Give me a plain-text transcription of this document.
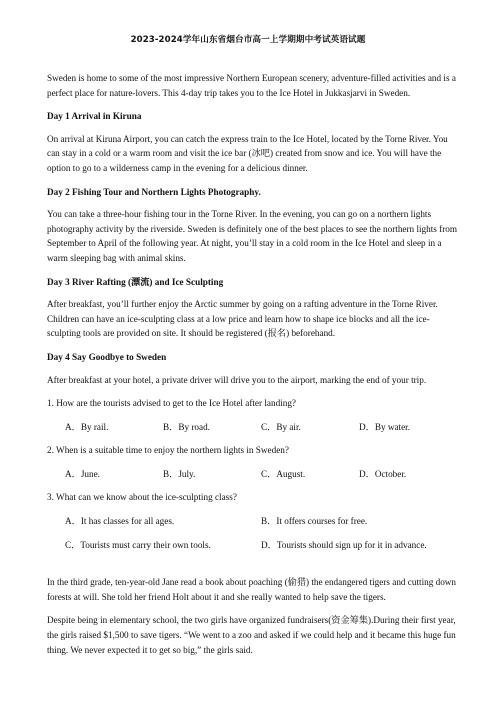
2023-2024学年山东省烟台市高一上学期期中考试英语试题

Sweden is home to some of the most impressive Northern European scenery, adventure-filled activities and is a perfect place for nature-lovers. This 4-day trip takes you to the Ice Hotel in Jukkasjarvi in Sweden.

Day 1 Arrival in Kiruna

On arrival at Kiruna Airport, you can catch the express train to the Ice Hotel, located by the Torne River. You can stay in a cold or a warm room and visit the ice bar (冰吧) created from snow and ice. You will have the option to go to a wilderness camp in the evening for a delicious dinner.

Day 2 Fishing Tour and Northern Lights Photography.

You can take a three-hour fishing tour in the Torne River. In the evening, you can go on a northern lights photography activity by the riverside. Sweden is definitely one of the best places to see the northern lights from September to April of the following year. At night, you’ll stay in a cold room in the Ice Hotel and sleep in a warm sleeping bag with animal skins.

Day 3 River Rafting (漂流) and Ice Sculpting

After breakfast, you’ll further enjoy the Arctic summer by going on a rafting adventure in the Torne River. Children can have an ice-sculpting class at a low price and learn how to shape ice blocks and all the ice-sculpting tools are provided on site. It should be registered (报名) beforehand.

Day 4 Say Goodbye to Sweden

After breakfast at your hotel, a private driver will drive you to the airport, marking the end of your trip.

1. How are the tourists advised to get to the Ice Hotel after landing?

A．By rail.	B．By road.	C．By air.	D．By water.

2. When is a suitable time to enjoy the northern lights in Sweden?

A．June.	B．July.	C．August.	D．October.

3. What can we know about the ice-sculpting class?

A．It has classes for all ages.	B．It offers courses for free.
C．Tourists must carry their own tools.	D．Tourists should sign up for it in advance.

In the third grade, ten-year-old Jane read a book about poaching (偷猎) the endangered tigers and cutting down forests at will. She told her friend Holt about it and she really wanted to help save the tigers.

Despite being in elementary school, the two girls have organized fundraisers(资金筹集).During their first year, the girls raised $1,500 to save tigers. “We went to a zoo and asked if we could help and it became this huge fun thing. We never expected it to get so big,” the girls said.
